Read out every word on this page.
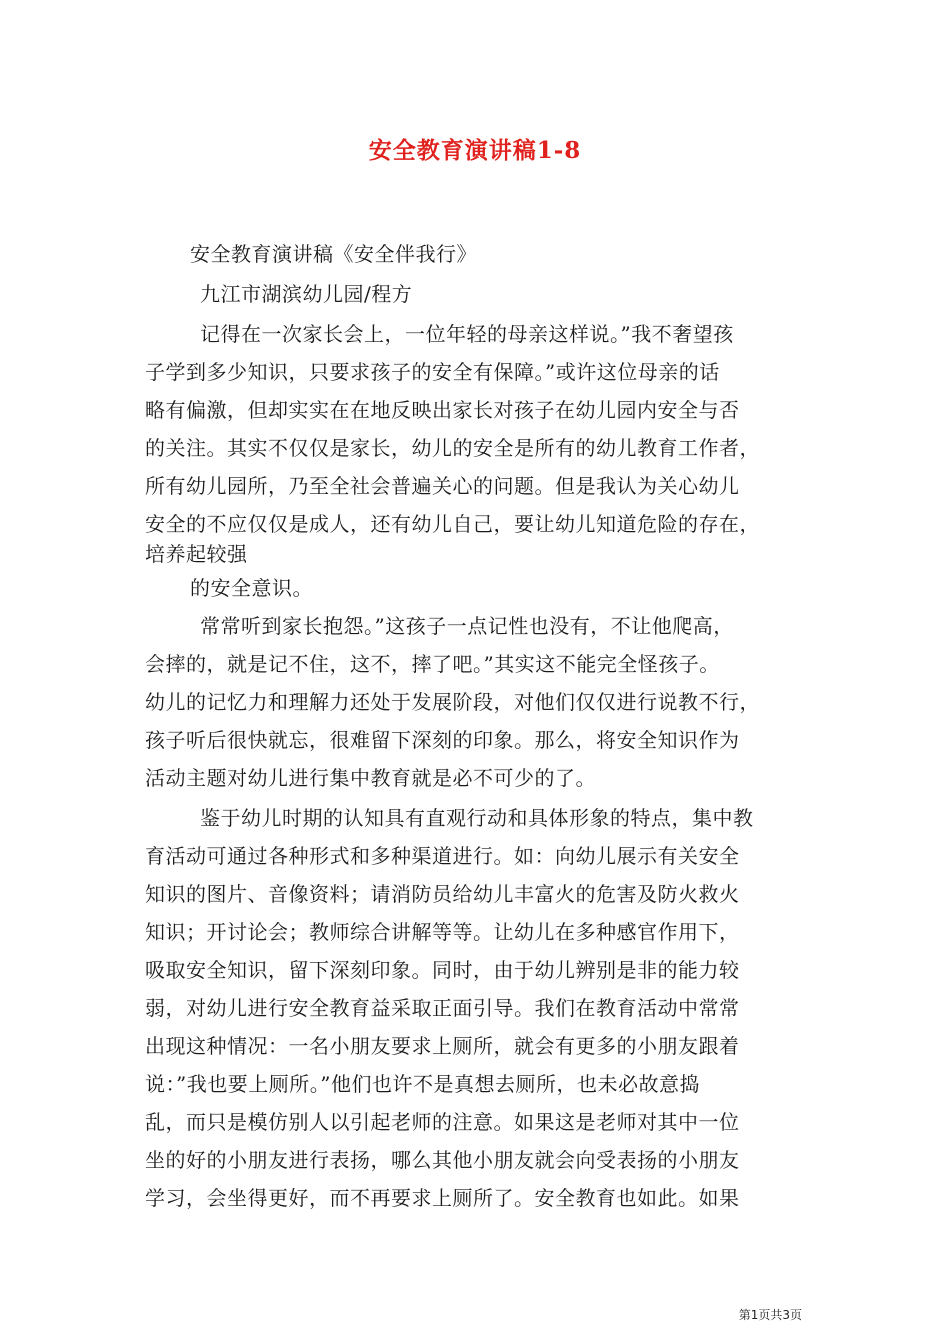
安全教育演讲稿1-8
安全教育演讲稿《安全伴我行》
九江市湖滨幼儿园/程方
记得在一次家长会上，一位年轻的母亲这样说。”我不奢望孩
子学到多少知识，只要求孩子的安全有保障。”或许这位母亲的话
略有偏激，但却实实在在地反映出家长对孩子在幼儿园内安全与否
的关注。其实不仅仅是家长，幼儿的安全是所有的幼儿教育工作者，
所有幼儿园所，乃至全社会普遍关心的问题。但是我认为关心幼儿
安全的不应仅仅是成人，还有幼儿自己，要让幼儿知道危险的存在，
培养起较强
的安全意识。
常常听到家长抱怨。”这孩子一点记性也没有，不让他爬高，
会摔的，就是记不住，这不，摔了吧。”其实这不能完全怪孩子。
幼儿的记忆力和理解力还处于发展阶段，对他们仅仅进行说教不行，
孩子听后很快就忘，很难留下深刻的印象。那么，将安全知识作为
活动主题对幼儿进行集中教育就是必不可少的了。
鉴于幼儿时期的认知具有直观行动和具体形象的特点，集中教
育活动可通过各种形式和多种渠道进行。如：向幼儿展示有关安全
知识的图片、音像资料；请消防员给幼儿丰富火的危害及防火救火
知识；开讨论会；教师综合讲解等等。让幼儿在多种感官作用下，
吸取安全知识，留下深刻印象。同时，由于幼儿辨别是非的能力较
弱，对幼儿进行安全教育益采取正面引导。我们在教育活动中常常
出现这种情况：一名小朋友要求上厕所，就会有更多的小朋友跟着
说：”我也要上厕所。”他们也许不是真想去厕所，也未必故意捣
乱，而只是模仿别人以引起老师的注意。如果这是老师对其中一位
坐的好的小朋友进行表扬，哪么其他小朋友就会向受表扬的小朋友
学习，会坐得更好，而不再要求上厕所了。安全教育也如此。如果
第1页共3页
